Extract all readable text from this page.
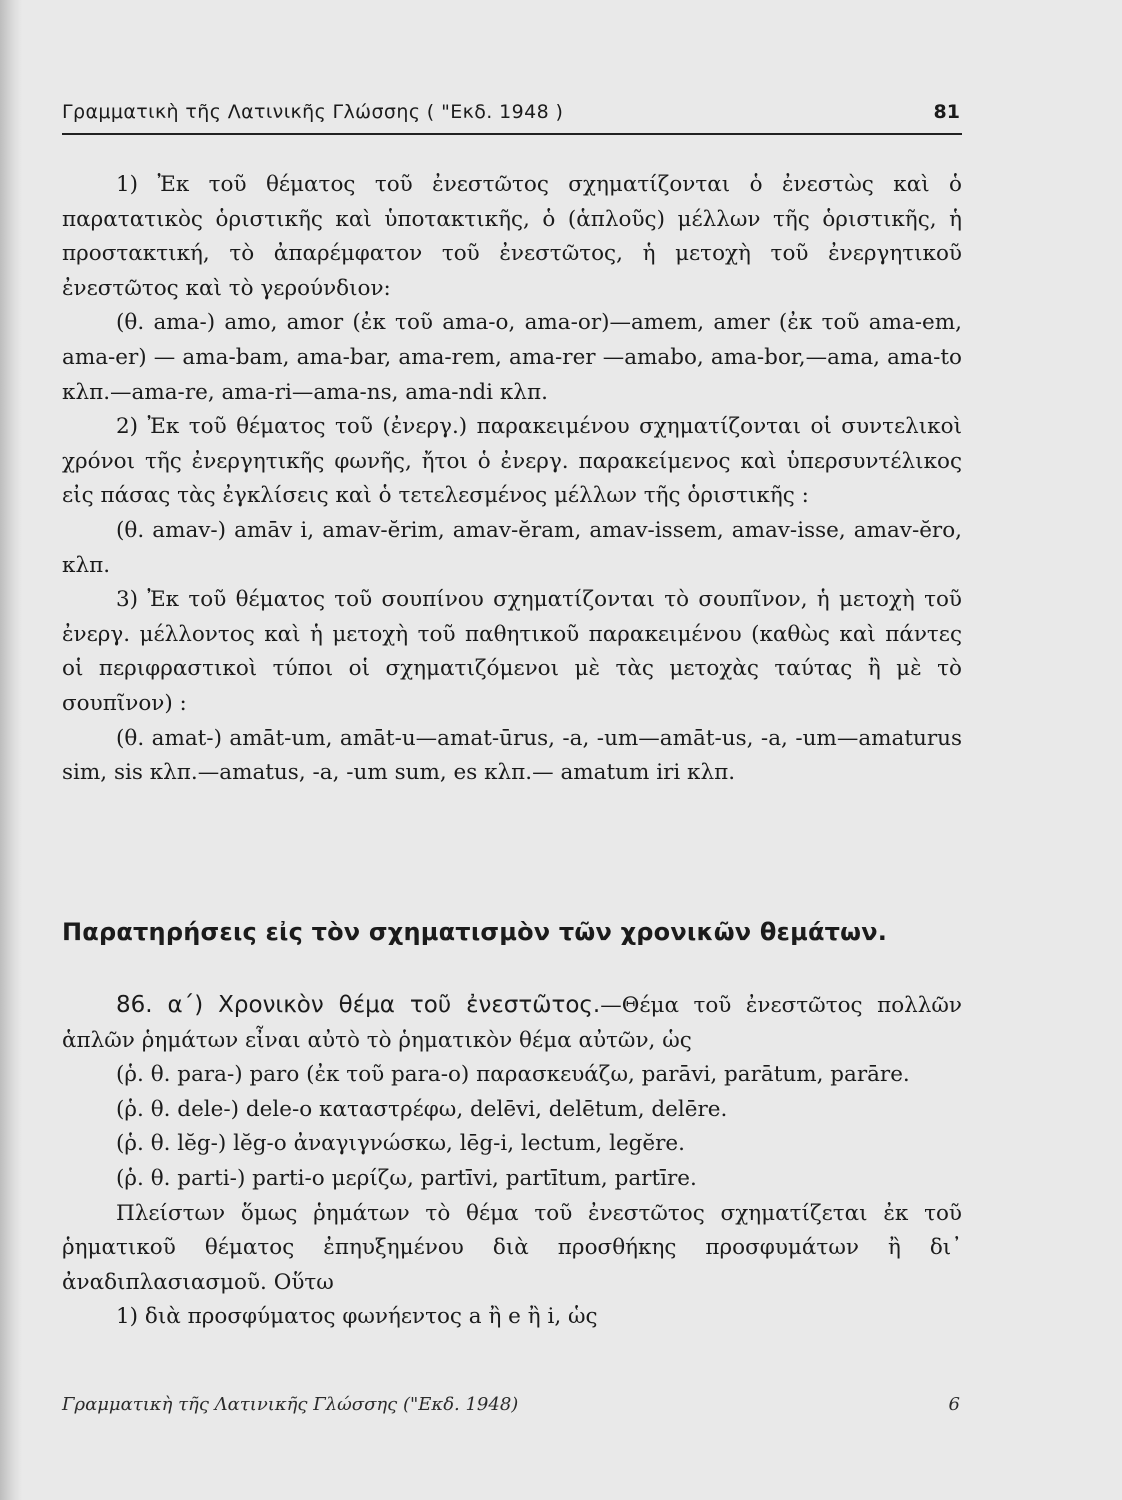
Γραμματικὴ τῆς Λατινικῆς Γλώσσης ( "Εκδ. 1948 )	81

1) Ἐκ τοῦ θέματος τοῦ ἐνεστῶτος σχηματίζονται ὁ ἐνεστὼς καὶ ὁ παρατατικὸς ὁριστικῆς καὶ ὑποτακτικῆς, ὁ (ἁπλοῦς) μέλλων τῆς ὁριστικῆς, ἡ προστακτική, τὸ ἀπαρέμφατον τοῦ ἐνεστῶτος, ἡ μετοχὴ τοῦ ἐνεργητικοῦ ἐνεστῶτος καὶ τὸ γερούνδιον:

(θ. ama-) amo, amor (ἐκ τοῦ ama-o, ama-or)—amem, amer (ἐκ τοῦ ama-em, ama-er) — ama-bam, ama-bar, ama-rem, ama-rer —amabo, ama-bor,—ama, ama-to κλπ.—ama-re, ama-ri—ama-ns, ama-ndi κλπ.

2) Ἐκ τοῦ θέματος τοῦ (ἐνεργ.) παρακειμένου σχηματίζονται οἱ συντελικοὶ χρόνοι τῆς ἐνεργητικῆς φωνῆς, ἤτοι ὁ ἐνεργ. παρακείμενος καὶ ὑπερσυντέλικος εἰς πάσας τὰς ἐγκλίσεις καὶ ὁ τετελεσμένος μέλλων τῆς ὁριστικῆς :

(θ. amav-) amāv i, amav-ĕrim, amav-ĕram, amav-issem, amav-isse, amav-ĕro, κλπ.

3) Ἐκ τοῦ θέματος τοῦ σουπίνου σχηματίζονται τὸ σουπῖνον, ἡ μετοχὴ τοῦ ἐνεργ. μέλλοντος καὶ ἡ μετοχὴ τοῦ παθητικοῦ παρακειμένου (καθὼς καὶ πάντες οἱ περιφραστικοὶ τύποι οἱ σχηματιζόμενοι μὲ τὰς μετοχὰς ταύτας ἢ μὲ τὸ σουπῖνον) :

(θ. amat-) amāt-um, amāt-u—amat-ūrus, -a, -um—amāt-us, -a, -um—amaturus sim, sis κλπ.—amatus, -a, -um sum, es κλπ.— amatum iri κλπ.

Παρατηρήσεις εἰς τὸν σχηματισμὸν τῶν χρονικῶν θεμάτων.

86. α΄) Χρονικὸν θέμα τοῦ ἐνεστῶτος.—Θέμα τοῦ ἐνεστῶτος πολλῶν ἁπλῶν ῥημάτων εἶναι αὐτὸ τὸ ῥηματικὸν θέμα αὐτῶν, ὡς

(ῥ. θ. para-) paro (ἐκ τοῦ para-o) παρασκευάζω, parāvi, parātum, parāre.

(ῥ. θ. dele-) dele-o καταστρέφω, delēvi, delētum, delēre.

(ῥ. θ. lĕg-) lĕg-o ἀναγιγνώσκω, lēg-i, lectum, legĕre.

(ῥ. θ. parti-) parti-o μερίζω, partīvi, partītum, partīre.

Πλείστων ὅμως ῥημάτων τὸ θέμα τοῦ ἐνεστῶτος σχηματίζεται ἐκ τοῦ ῥηματικοῦ θέματος ἐπηυξημένου διὰ προσθήκης προσφυμάτων ἢ δι᾿ ἀναδιπλασιασμοῦ. Οὕτω

1) διὰ προσφύματος φωνήεντος a ἢ e ἢ i, ὡς

Γραμματικὴ τῆς Λατινικῆς Γλώσσης ("Εκδ. 1948)	6
